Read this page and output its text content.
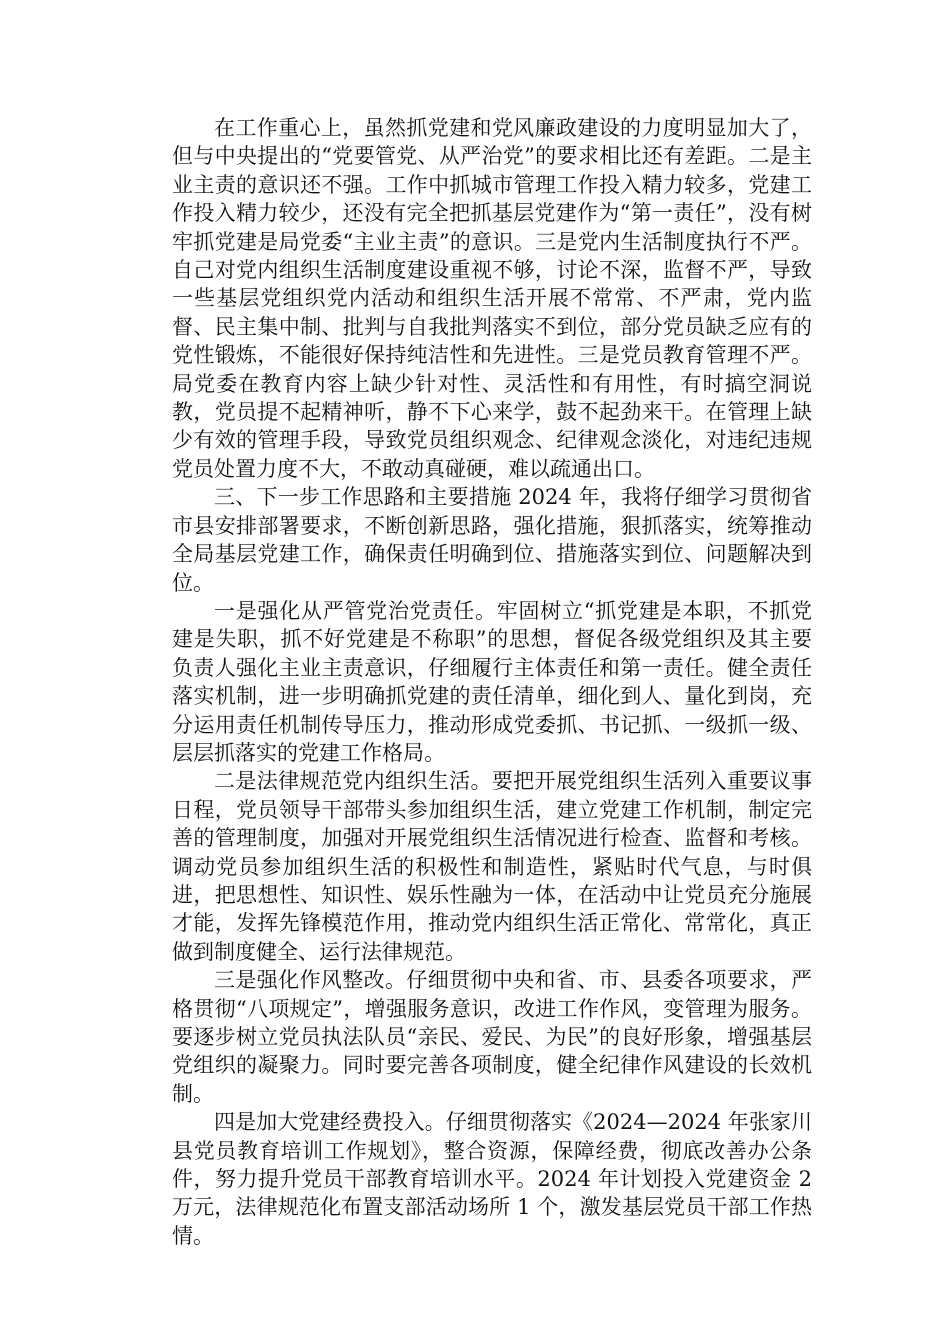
在工作重心上，虽然抓党建和党风廉政建设的力度明显加大了，但与中央提出的“党要管党、从严治党”的要求相比还有差距。二是主业主责的意识还不强。工作中抓城市管理工作投入精力较多，党建工作投入精力较少，还没有完全把抓基层党建作为“第一责任”，没有树牢抓党建是局党委“主业主责”的意识。三是党内生活制度执行不严。自己对党内组织生活制度建设重视不够，讨论不深，监督不严，导致一些基层党组织党内活动和组织生活开展不常常、不严肃，党内监督、民主集中制、批判与自我批判落实不到位，部分党员缺乏应有的党性锻炼，不能很好保持纯洁性和先进性。三是党员教育管理不严。局党委在教育内容上缺少针对性、灵活性和有用性，有时搞空洞说教，党员提不起精神听，静不下心来学，鼓不起劲来干。在管理上缺少有效的管理手段，导致党员组织观念、纪律观念淡化，对违纪违规党员处置力度不大，不敢动真碰硬，难以疏通出口。

三、下一步工作思路和主要措施 2024 年，我将仔细学习贯彻省市县安排部署要求，不断创新思路，强化措施，狠抓落实，统筹推动全局基层党建工作，确保责任明确到位、措施落实到位、问题解决到位。

一是强化从严管党治党责任。牢固树立“抓党建是本职，不抓党建是失职，抓不好党建是不称职”的思想，督促各级党组织及其主要负责人强化主业主责意识，仔细履行主体责任和第一责任。健全责任落实机制，进一步明确抓党建的责任清单，细化到人、量化到岗，充分运用责任机制传导压力，推动形成党委抓、书记抓、一级抓一级、层层抓落实的党建工作格局。

二是法律规范党内组织生活。要把开展党组织生活列入重要议事日程，党员领导干部带头参加组织生活，建立党建工作机制，制定完善的管理制度，加强对开展党组织生活情况进行检查、监督和考核。调动党员参加组织生活的积极性和制造性，紧贴时代气息，与时俱进，把思想性、知识性、娱乐性融为一体，在活动中让党员充分施展才能，发挥先锋模范作用，推动党内组织生活正常化、常常化，真正做到制度健全、运行法律规范。

三是强化作风整改。仔细贯彻中央和省、市、县委各项要求，严格贯彻“八项规定”，增强服务意识，改进工作作风，变管理为服务。要逐步树立党员执法队员“亲民、爱民、为民”的良好形象，增强基层党组织的凝聚力。同时要完善各项制度，健全纪律作风建设的长效机制。

四是加大党建经费投入。仔细贯彻落实《2024—2024 年张家川县党员教育培训工作规划》，整合资源，保障经费，彻底改善办公条件，努力提升党员干部教育培训水平。2024 年计划投入党建资金 2 万元，法律规范化布置支部活动场所 1 个，激发基层党员干部工作热情。
